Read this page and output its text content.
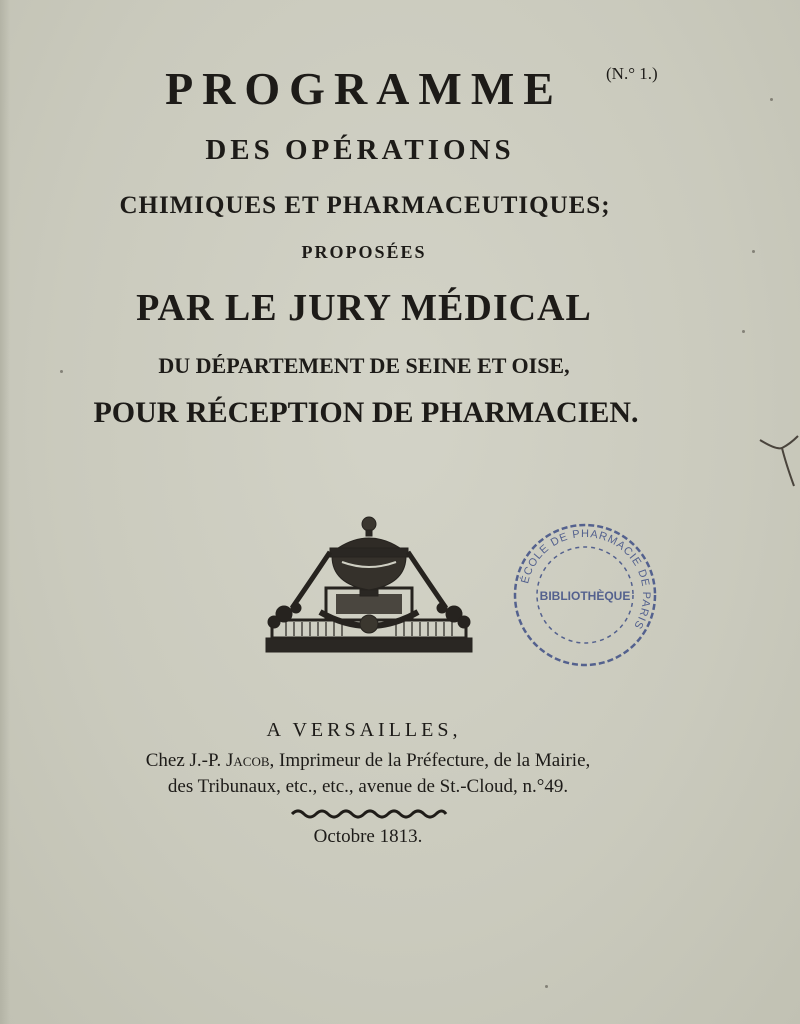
PROGRAMME	(N.° 1.)
DES OPÉRATIONS
CHIMIQUES ET PHARMACEUTIQUES;
PROPOSÉES
PAR LE JURY MÉDICAL
DU DÉPARTEMENT DE SEINE ET OISE,
POUR RÉCEPTION DE PHARMACIEN.
ÉCOLE DE PHARMACIE DE PARIS
BIBLIOTHÈQUE
A VERSAILLES,
Chez J.-P. Jacob, Imprimeur de la Préfecture, de la Mairie,
des Tribunaux, etc., etc., avenue de St.-Cloud, n.°49.
Octobre 1813.
